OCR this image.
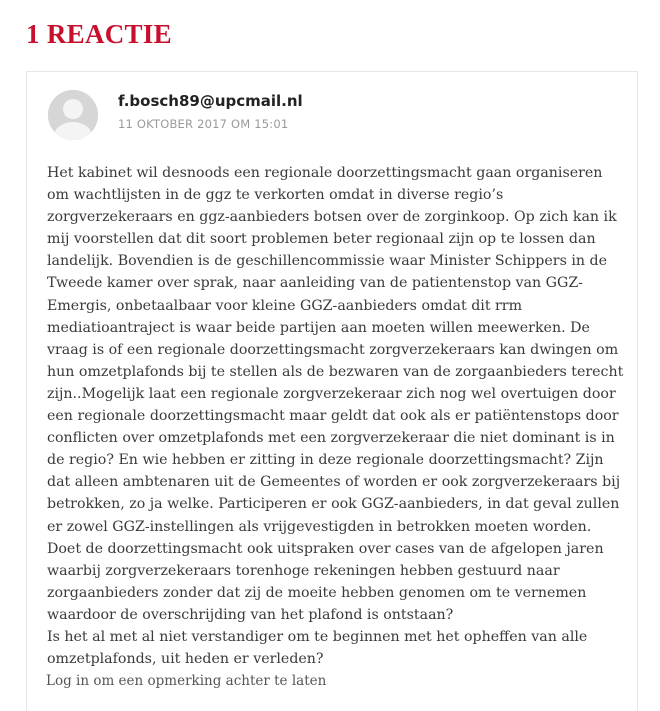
1 REACTIE
f.bosch89@upcmail.nl
11 OKTOBER 2017 OM 15:01

Het kabinet wil desnoods een regionale doorzettingsmacht gaan organiseren om wachtlijsten in de ggz te verkorten omdat in diverse regio’s zorgverzekeraars en ggz-aanbieders botsen over de zorginkoop. Op zich kan ik mij voorstellen dat dit soort problemen beter regionaal zijn op te lossen dan landelijk. Bovendien is de geschillencommissie waar Minister Schippers in de Tweede kamer over sprak, naar aanleiding van de patientenstop van GGZ-Emergis, onbetaalbaar voor kleine GGZ-aanbieders omdat dit rrm mediatioantraject is waar beide partijen aan moeten willen meewerken. De vraag is of een regionale doorzettingsmacht zorgverzekeraars kan dwingen om hun omzetplafonds bij te stellen als de bezwaren van de zorgaanbieders terecht zijn..Mogelijk laat een regionale zorgverzekeraar zich nog wel overtuigen door een regionale doorzettingsmacht maar geldt dat ook als er patiëntenstops door conflicten over omzetplafonds met een zorgverzekeraar die niet dominant is in de regio? En wie hebben er zitting in deze regionale doorzettingsmacht? Zijn dat alleen ambtenaren uit de Gemeentes of worden er ook zorgverzekeraars bij betrokken, zo ja welke. Participeren er ook GGZ-aanbieders, in dat geval zullen er zowel GGZ-instellingen als vrijgevestigden in betrokken moeten worden. Doet de doorzettingsmacht ook uitspraken over cases van de afgelopen jaren waarbij zorgverzekeraars torenhoge rekeningen hebben gestuurd naar zorgaanbieders zonder dat zij de moeite hebben genomen om te vernemen waardoor de overschrijding van het plafond is ontstaan?

Is het al met al niet verstandiger om te beginnen met het opheffen van alle omzetplafonds, uit heden er verleden?

Log in om een opmerking achter te laten
